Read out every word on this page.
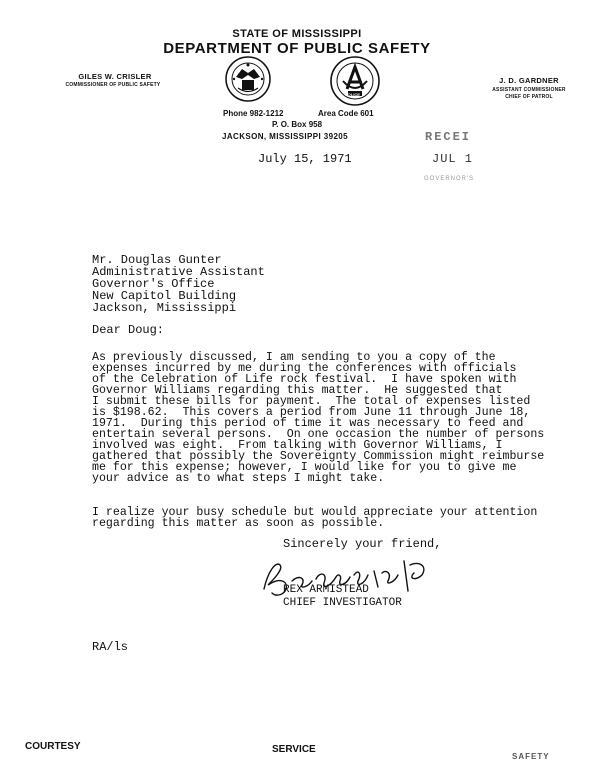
STATE OF MISSISSIPPI
DEPARTMENT OF PUBLIC SAFETY
GILES W. CRISLER
COMMISSIONER OF PUBLIC SAFETY	J. D. GARDNER
ASSISTANT COMMISSIONER
CHIEF OF PATROL
POLICE
Phone 982-1212	Area Code 601
P. O. Box 958
JACKSON, MISSISSIPPI 39205	RECEI
JUL 1
GOVERNOR'S
July 15, 1971
Mr. Douglas Gunter
Administrative Assistant
Governor's Office
New Capitol Building
Jackson, Mississippi
Dear Doug:
As previously discussed, I am sending to you a copy of the
expenses incurred by me during the conferences with officials
of the Celebration of Life rock festival.  I have spoken with
Governor Williams regarding this matter.  He suggested that
I submit these bills for payment.  The total of expenses listed
is $198.62.  This covers a period from June 11 through June 18,
1971.  During this period of time it was necessary to feed and
entertain several persons.  On one occasion the number of persons
involved was eight.  From talking with Governor Williams, I
gathered that possibly the Sovereignty Commission might reimburse
me for this expense; however, I would like for you to give me
your advice as to what steps I might take.
I realize your busy schedule but would appreciate your attention
regarding this matter as soon as possible.
Sincerely your friend,
REX ARMISTEAD
CHIEF INVESTIGATOR
RA/ls
COURTESY	SERVICE
SAFETY
